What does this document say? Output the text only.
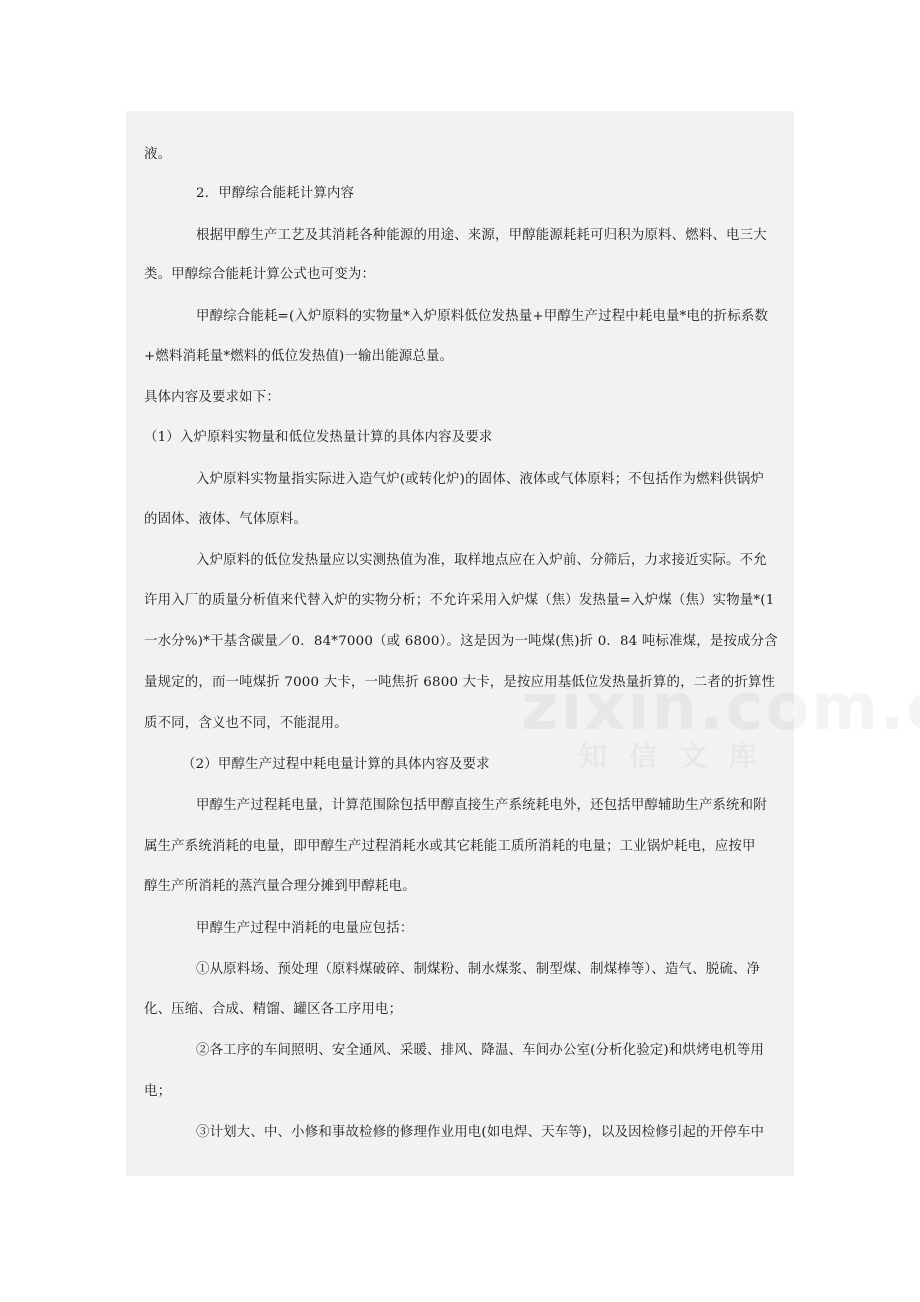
液。
2．甲醇综合能耗计算内容
根据甲醇生产工艺及其消耗各种能源的用途、来源，甲醇能源耗耗可归积为原料、燃料、电三大
类。甲醇综合能耗计算公式也可变为：
甲醇综合能耗=(入炉原料的实物量*入炉原料低位发热量+甲醇生产过程中耗电量*电的折标系数
+燃料消耗量*燃料的低位发热值)一输出能源总量。
具体内容及要求如下：
（1）入炉原料实物量和低位发热量计算的具体内容及要求
入炉原料实物量指实际进入造气炉(或转化炉)的固体、液体或气体原料；不包括作为燃料供锅炉
的固体、液体、气体原料。
入炉原料的低位发热量应以实测热值为准，取样地点应在入炉前、分筛后，力求接近实际。不允
许用入厂的质量分析值来代替入炉的实物分析；不允许采用入炉煤（焦）发热量=入炉煤（焦）实物量*(1
一水分%)*干基含碳量／0．84*7000（或 6800）。这是因为一吨煤(焦)折 0．84 吨标准煤，是按成分含
量规定的，而一吨煤折 7000 大卡，一吨焦折 6800 大卡，是按应用基低位发热量折算的，二者的折算性
质不同，含义也不同，不能混用。
（2）甲醇生产过程中耗电量计算的具体内容及要求
甲醇生产过程耗电量，计算范围除包括甲醇直接生产系统耗电外，还包括甲醇辅助生产系统和附
属生产系统消耗的电量，即甲醇生产过程消耗水或其它耗能工质所消耗的电量；工业锅炉耗电，应按甲
醇生产所消耗的蒸汽量合理分摊到甲醇耗电。
甲醇生产过程中消耗的电量应包括：
①从原料场、预处理（原料煤破碎、制煤粉、制水煤浆、制型煤、制煤棒等）、造气、脱硫、净
化、压缩、合成、精馏、罐区各工序用电；
②各工序的车间照明、安全通风、采暖、排风、降温、车间办公室(分析化验定)和烘烤电机等用
电；
③计划大、中、小修和事故检修的修理作业用电(如电焊、天车等)，以及因检修引起的开停车中
